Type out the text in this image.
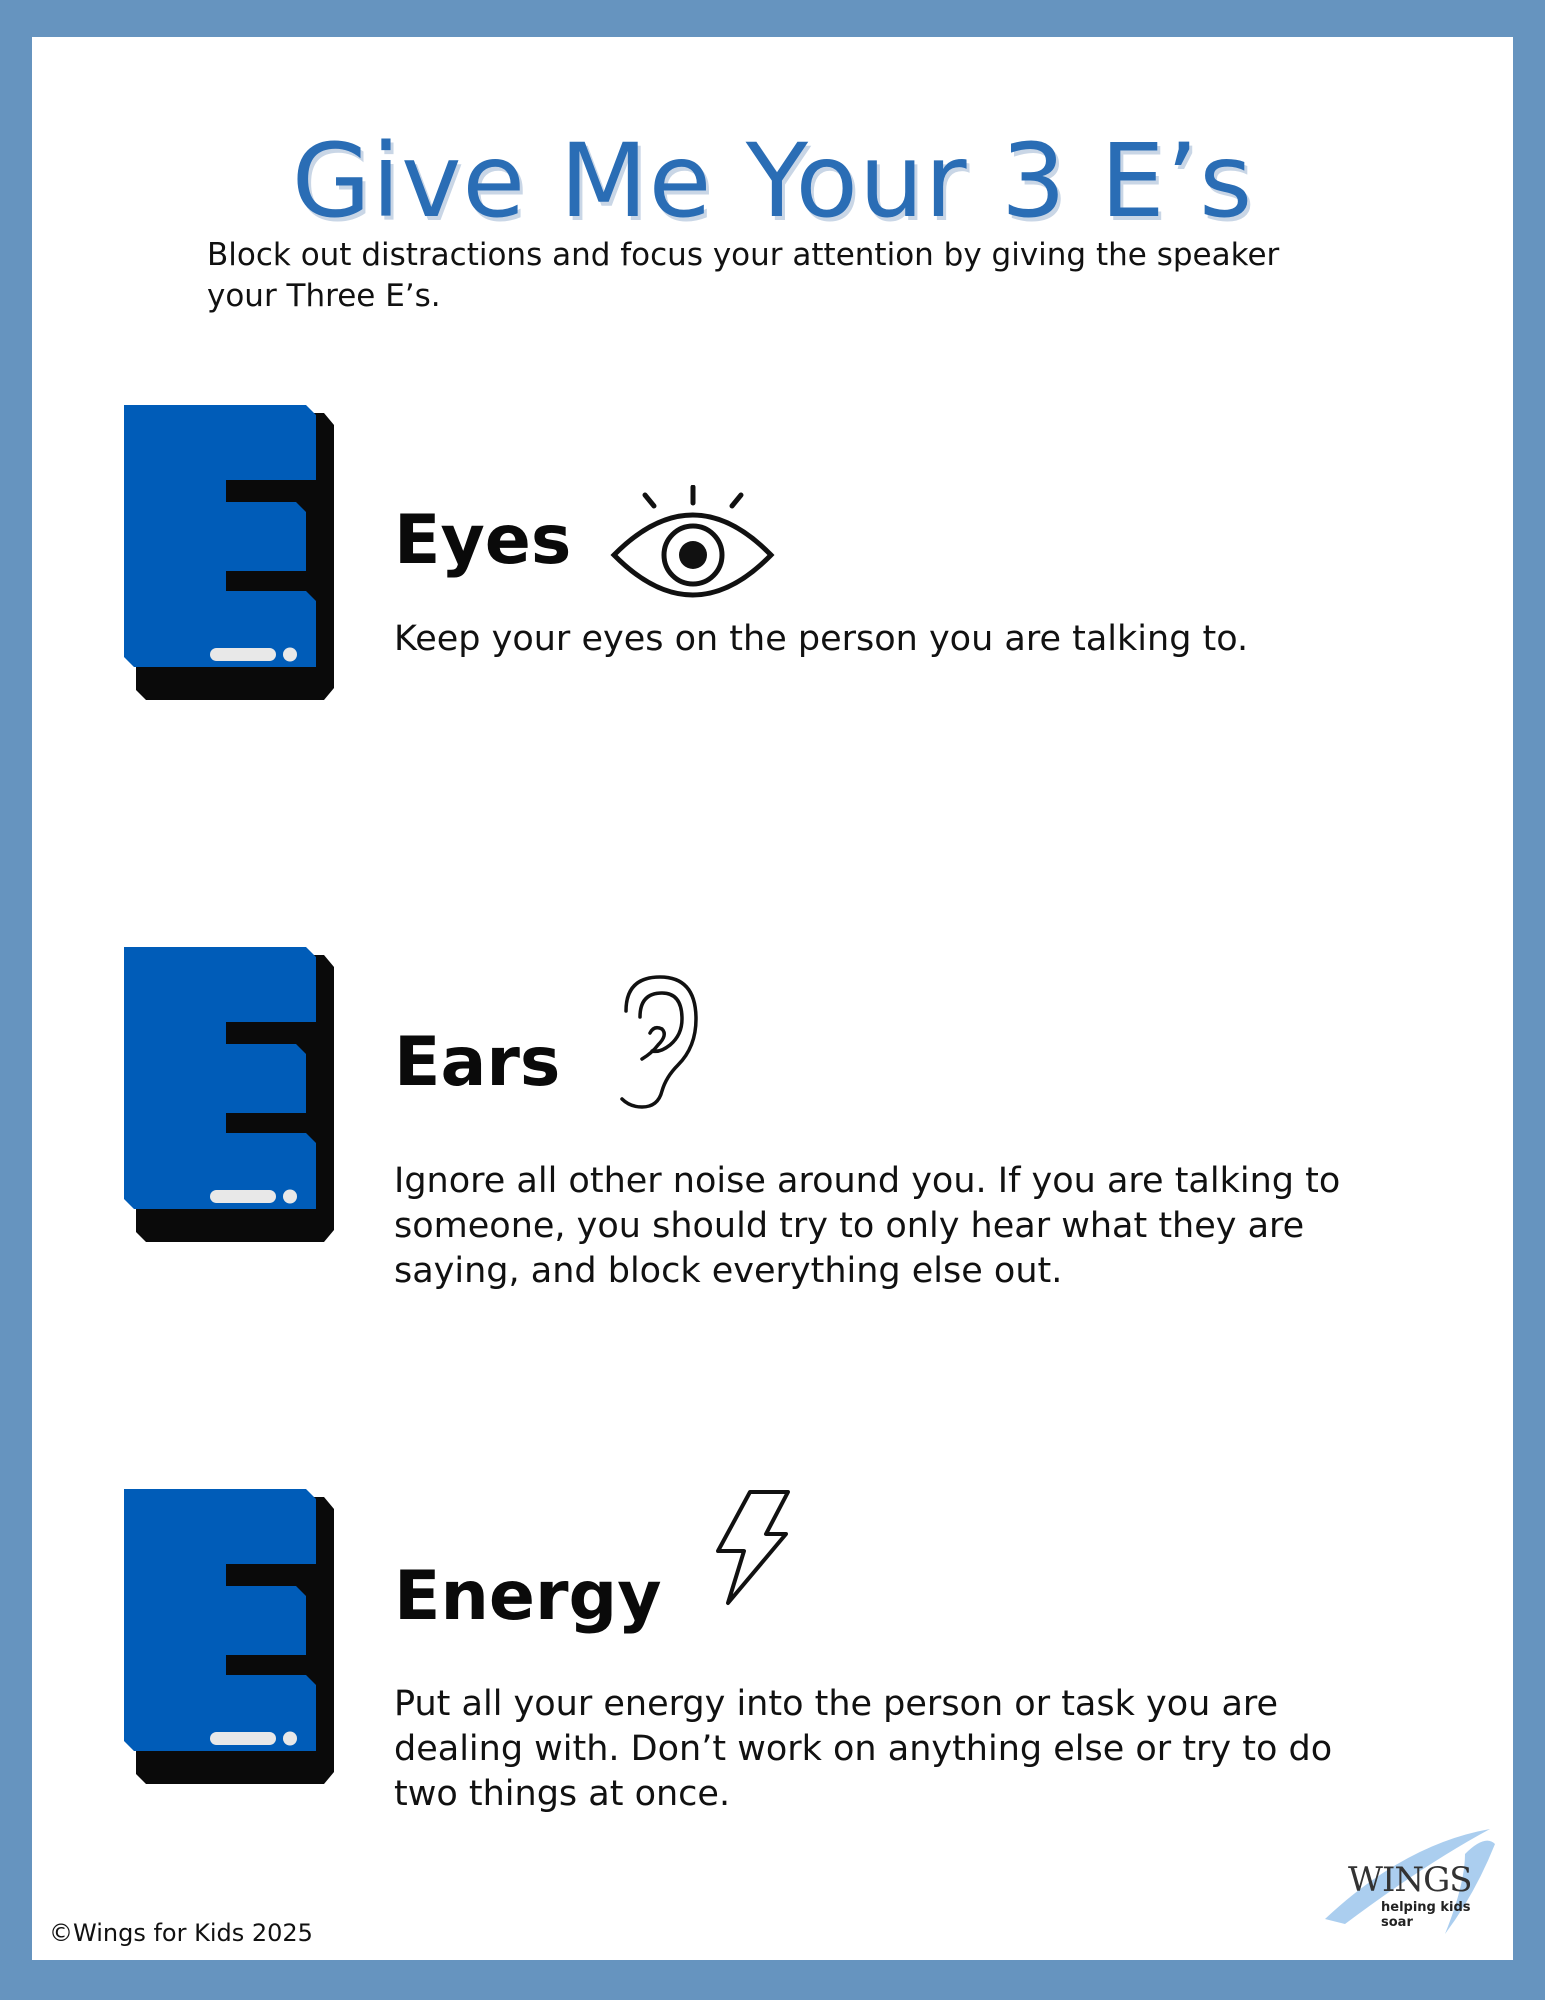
Give Me Your 3 E’s

Block out distractions and focus your attention by giving the speaker your Three E’s.

Eyes

Keep your eyes on the person you are talking to.

Ears

Ignore all other noise around you. If you are talking to someone, you should try to only hear what they are saying, and block everything else out.

Energy

Put all your energy into the person or task you are dealing with. Don’t work on anything else or try to do two things at once.

©Wings for Kids 2025
WINGS
helping kids soar
